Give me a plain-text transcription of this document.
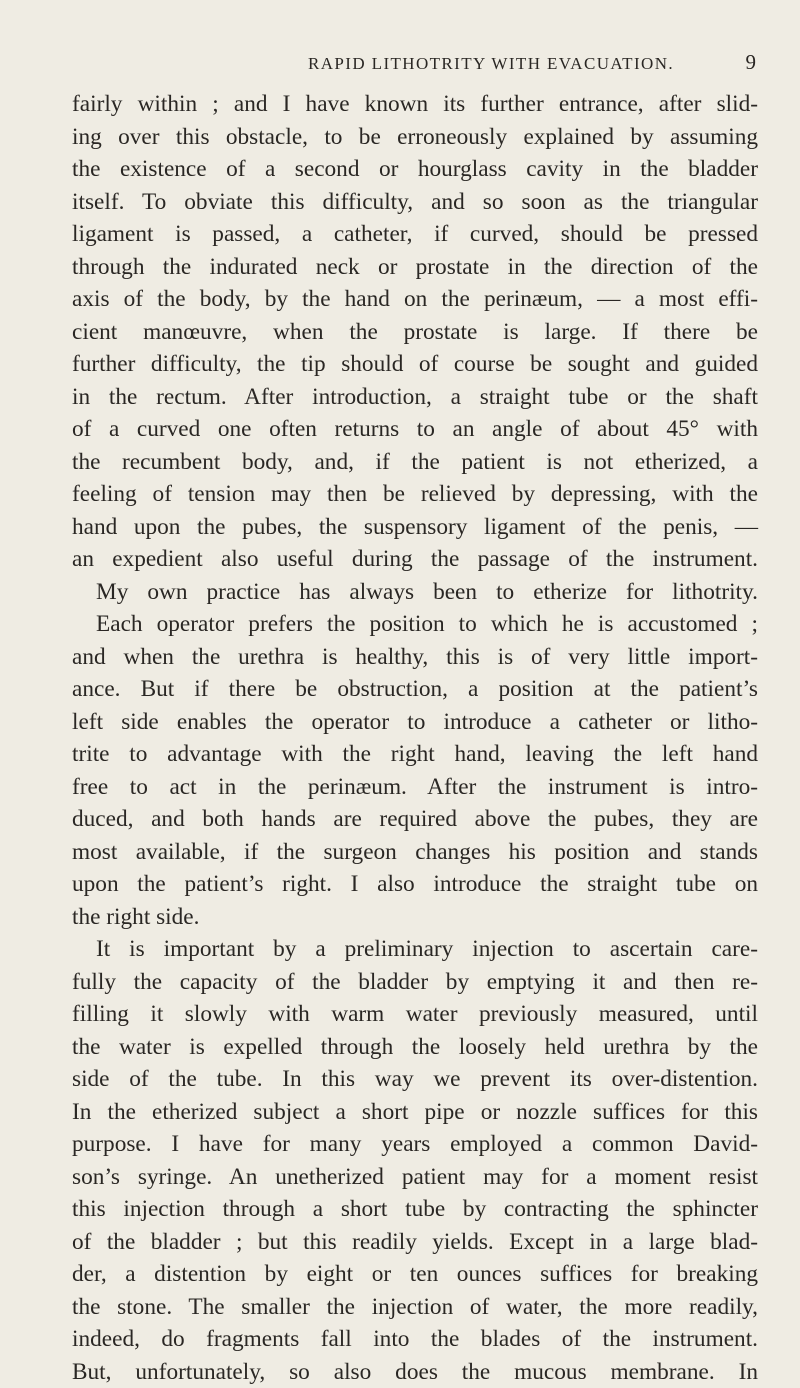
RAPID LITHOTRITY WITH EVACUATION.	9
fairly within ; and I have known its further entrance, after slid-
ing over this obstacle, to be erroneously explained by assuming
the existence of a second or hourglass cavity in the bladder
itself. To obviate this difficulty, and so soon as the triangular
ligament is passed, a catheter, if curved, should be pressed
through the indurated neck or prostate in the direction of the
axis of the body, by the hand on the perinæum, — a most effi-
cient manœuvre, when the prostate is large. If there be
further difficulty, the tip should of course be sought and guided
in the rectum. After introduction, a straight tube or the shaft
of a curved one often returns to an angle of about 45° with
the recumbent body, and, if the patient is not etherized, a
feeling of tension may then be relieved by depressing, with the
hand upon the pubes, the suspensory ligament of the penis, —
an expedient also useful during the passage of the instrument.
My own practice has always been to etherize for lithotrity.
Each operator prefers the position to which he is accustomed ;
and when the urethra is healthy, this is of very little import-
ance. But if there be obstruction, a position at the patient’s
left side enables the operator to introduce a catheter or litho-
trite to advantage with the right hand, leaving the left hand
free to act in the perinæum. After the instrument is intro-
duced, and both hands are required above the pubes, they are
most available, if the surgeon changes his position and stands
upon the patient’s right. I also introduce the straight tube on
the right side.
It is important by a preliminary injection to ascertain care-
fully the capacity of the bladder by emptying it and then re-
filling it slowly with warm water previously measured, until
the water is expelled through the loosely held urethra by the
side of the tube. In this way we prevent its over-distention.
In the etherized subject a short pipe or nozzle suffices for this
purpose. I have for many years employed a common David-
son’s syringe. An unetherized patient may for a moment resist
this injection through a short tube by contracting the sphincter
of the bladder ; but this readily yields. Except in a large blad-
der, a distention by eight or ten ounces suffices for breaking
the stone. The smaller the injection of water, the more readily,
indeed, do fragments fall into the blades of the instrument.
But, unfortunately, so also does the mucous membrane. In
